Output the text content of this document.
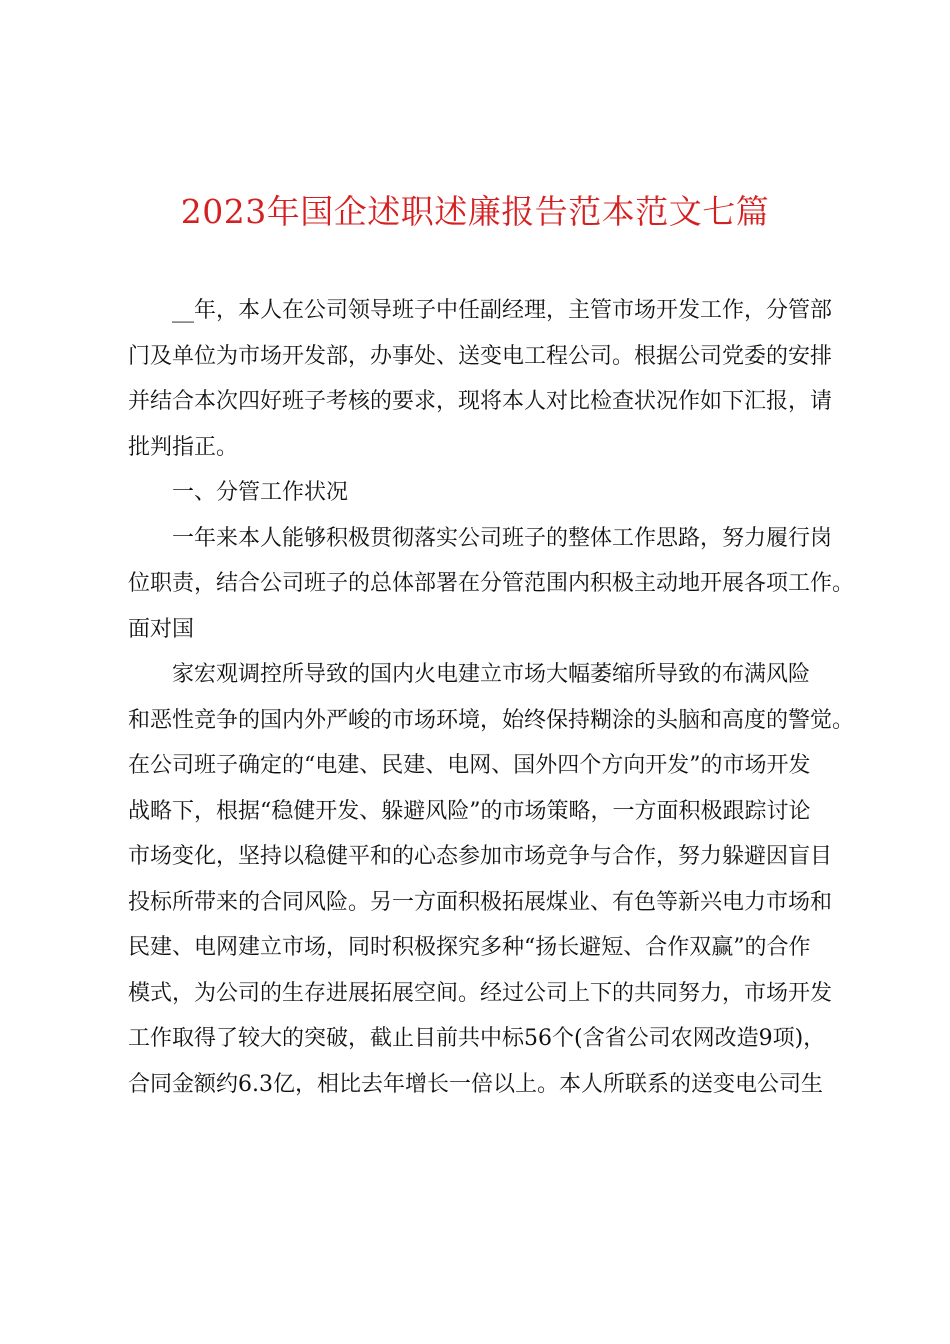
2023年国企述职述廉报告范本范文七篇
__年，本人在公司领导班子中任副经理，主管市场开发工作，分管部
门及单位为市场开发部，办事处、送变电工程公司。根据公司党委的安排
并结合本次四好班子考核的要求，现将本人对比检查状况作如下汇报，请
批判指正。
一、分管工作状况
一年来本人能够积极贯彻落实公司班子的整体工作思路，努力履行岗
位职责，结合公司班子的总体部署在分管范围内积极主动地开展各项工作。
面对国
家宏观调控所导致的国内火电建立市场大幅萎缩所导致的布满风险
和恶性竞争的国内外严峻的市场环境，始终保持糊涂的头脑和高度的警觉。
在公司班子确定的“电建、民建、电网、国外四个方向开发”的市场开发
战略下，根据“稳健开发、躲避风险”的市场策略，一方面积极跟踪讨论
市场变化，坚持以稳健平和的心态参加市场竞争与合作，努力躲避因盲目
投标所带来的合同风险。另一方面积极拓展煤业、有色等新兴电力市场和
民建、电网建立市场，同时积极探究多种“扬长避短、合作双赢”的合作
模式，为公司的生存进展拓展空间。经过公司上下的共同努力，市场开发
工作取得了较大的突破，截止目前共中标56个(含省公司农网改造9项)，
合同金额约6.3亿，相比去年增长一倍以上。本人所联系的送变电公司生
